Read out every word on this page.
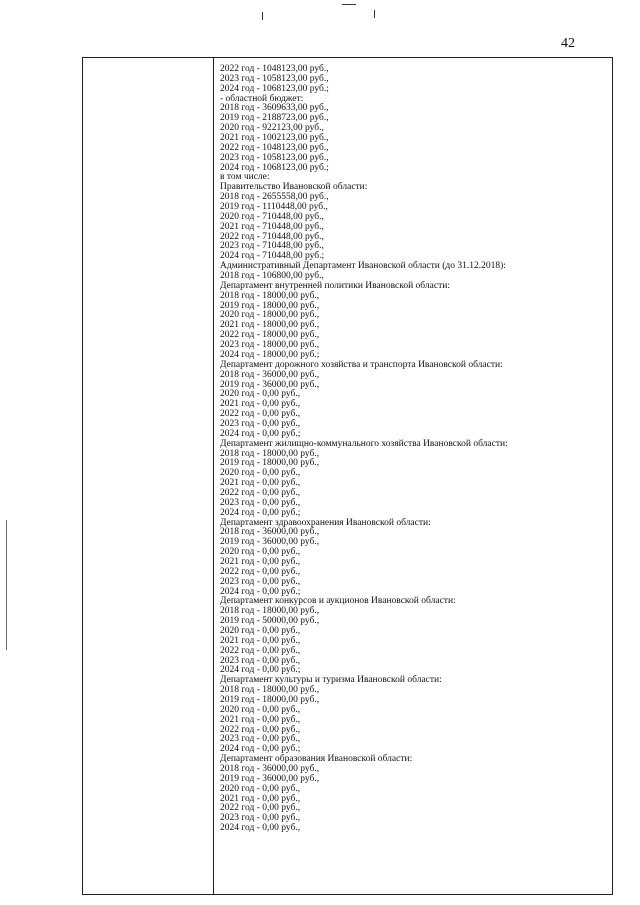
42
2022 год - 1048123,00 руб.,
2023 год - 1058123,00 руб.,
2024 год - 1068123,00 руб.;
- областной бюджет:
2018 год - 3609633,00 руб.,
2019 год - 2188723,00 руб.,
2020 год - 922123,00 руб.,
2021 год - 1002123,00 руб.,
2022 год - 1048123,00 руб.,
2023 год - 1058123,00 руб.,
2024 год - 1068123,00 руб.;
в том числе:
Правительство Ивановской области:
2018 год - 2655558,00 руб.,
2019 год - 1110448,00 руб.,
2020 год - 710448,00 руб.,
2021 год - 710448,00 руб.,
2022 год - 710448,00 руб.,
2023 год - 710448,00 руб.,
2024 год - 710448,00 руб.;
Административный Департамент Ивановской области (до 31.12.2018):
2018 год - 106800,00 руб.,
Департамент внутренней политики Ивановской области:
2018 год - 18000,00 руб.,
2019 год - 18000,00 руб.,
2020 год - 18000,00 руб.,
2021 год - 18000,00 руб.,
2022 год - 18000,00 руб.,
2023 год - 18000,00 руб.,
2024 год - 18000,00 руб.;
Департамент дорожного хозяйства и транспорта Ивановской области:
2018 год - 36000,00 руб.,
2019 год - 36000,00 руб.,
2020 год - 0,00 руб.,
2021 год - 0,00 руб.,
2022 год - 0,00 руб.,
2023 год - 0,00 руб.,
2024 год - 0,00 руб.;
Департамент жилищно-коммунального хозяйства Ивановской области:
2018 год - 18000,00 руб.,
2019 год - 18000,00 руб.,
2020 год - 0,00 руб.,
2021 год - 0,00 руб.,
2022 год - 0,00 руб.,
2023 год - 0,00 руб.,
2024 год - 0,00 руб.;
Департамент здравоохранения Ивановской области:
2018 год - 36000,00 руб.,
2019 год - 36000,00 руб.,
2020 год - 0,00 руб.,
2021 год - 0,00 руб.,
2022 год - 0,00 руб.,
2023 год - 0,00 руб.,
2024 год - 0,00 руб.;
Департамент конкурсов и аукционов Ивановской области:
2018 год - 18000,00 руб.,
2019 год - 50000,00 руб.,
2020 год - 0,00 руб.,
2021 год - 0,00 руб.,
2022 год - 0,00 руб.,
2023 год - 0,00 руб.,
2024 год - 0,00 руб.;
Департамент культуры и туризма Ивановской области:
2018 год - 18000,00 руб.,
2019 год - 18000,00 руб.,
2020 год - 0,00 руб.,
2021 год - 0,00 руб.,
2022 год - 0,00 руб.,
2023 год - 0,00 руб.,
2024 год - 0,00 руб.;
Департамент образования Ивановской области:
2018 год - 36000,00 руб.,
2019 год - 36000,00 руб.,
2020 год - 0,00 руб.,
2021 год - 0,00 руб.,
2022 год - 0,00 руб.,
2023 год - 0,00 руб.,
2024 год - 0,00 руб.,
